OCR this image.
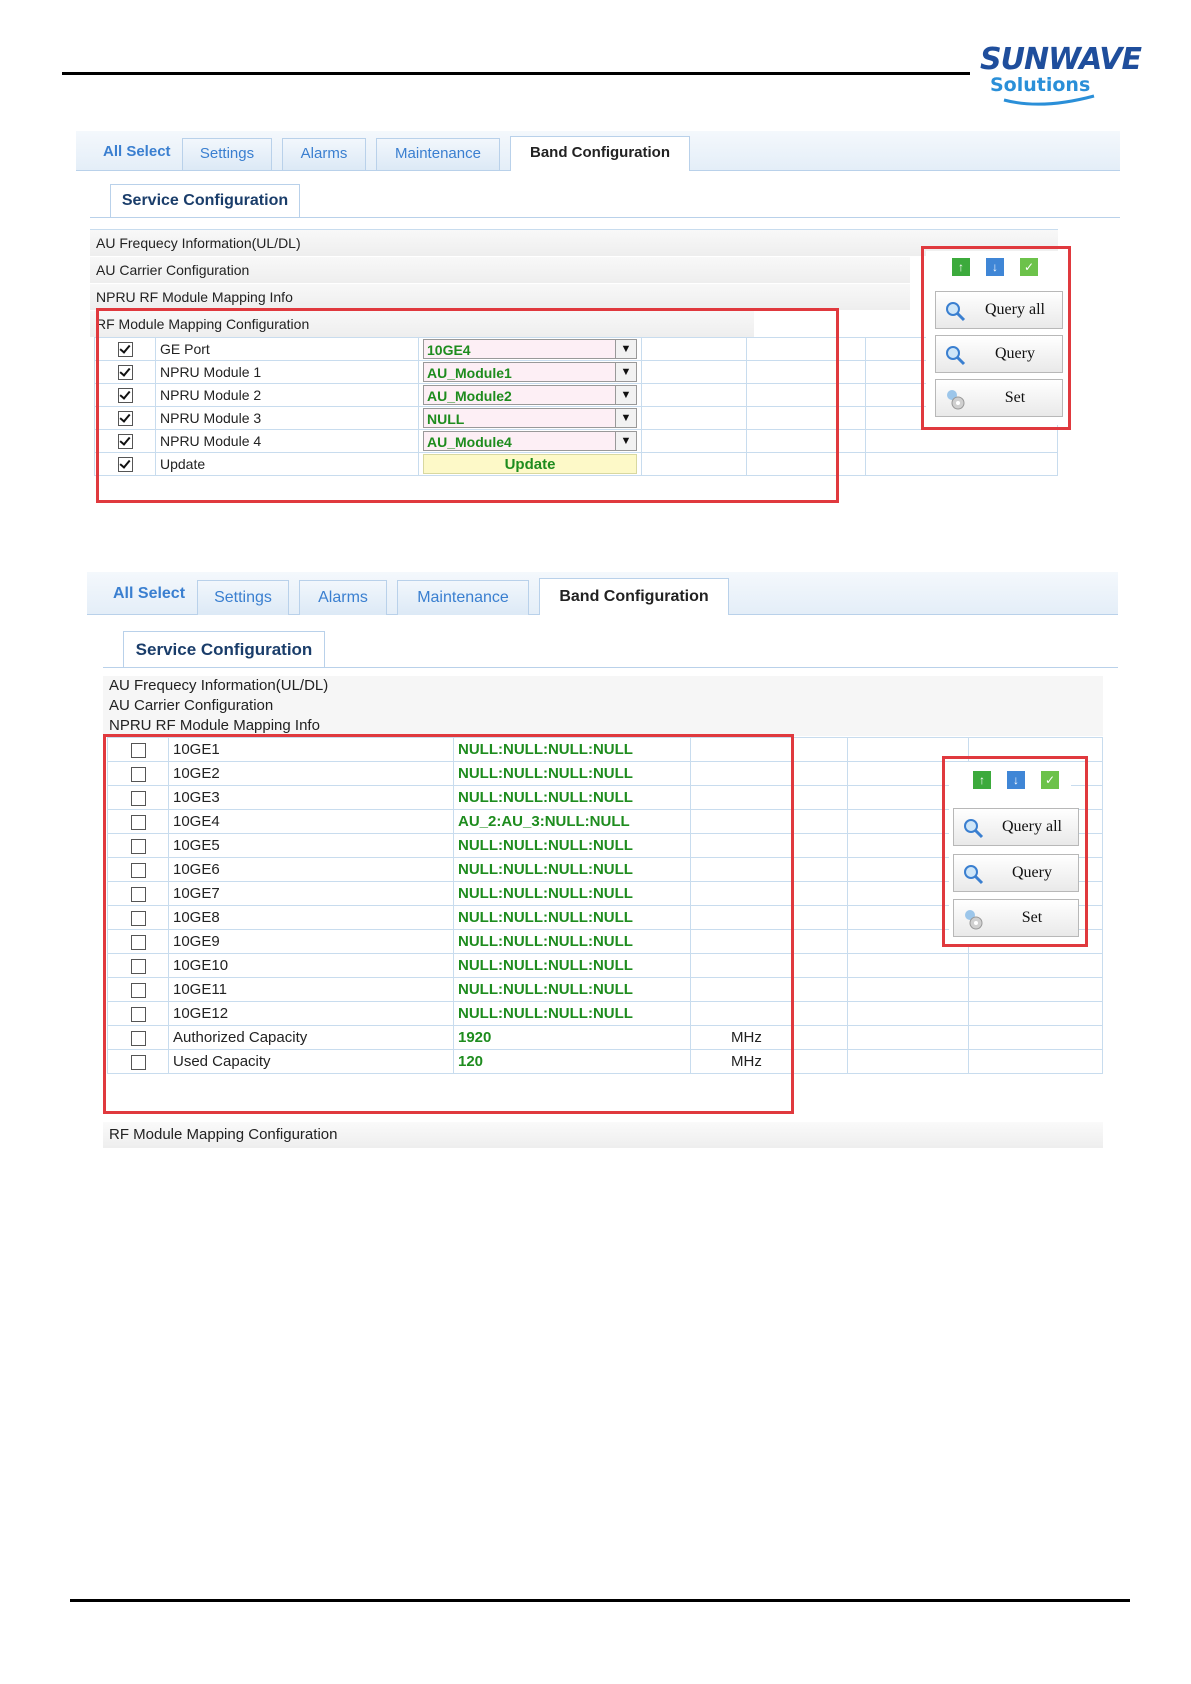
SUNWAVE
Solutions
All Select	Settings	Alarms	Maintenance	Band Configuration
Service Configuration
AU Frequecy Information(UL/DL)
AU Carrier Configuration
NPRU RF Module Mapping Info
RF Module Mapping Configuration
	GE Port	10GE4 ▼			

	NPRU Module 1	AU_Module1 ▼			

	NPRU Module 2	AU_Module2 ▼			

	NPRU Module 3	NULL ▼			

	NPRU Module 4	AU_Module4 ▼			

	Update	Update			

↑	↓	✓
Query all
Query
Set
All Select	Settings	Alarms	Maintenance	Band Configuration
Service Configuration
AU Frequecy Information(UL/DL)
AU Carrier Configuration
NPRU RF Module Mapping Info
	10GE1	NULL:NULL:NULL:NULL			
	10GE2	NULL:NULL:NULL:NULL			
	10GE3	NULL:NULL:NULL:NULL			
	10GE4	AU_2:AU_3:NULL:NULL			
	10GE5	NULL:NULL:NULL:NULL			
	10GE6	NULL:NULL:NULL:NULL			
	10GE7	NULL:NULL:NULL:NULL			
	10GE8	NULL:NULL:NULL:NULL			
	10GE9	NULL:NULL:NULL:NULL			
	10GE10	NULL:NULL:NULL:NULL			
	10GE11	NULL:NULL:NULL:NULL			
	10GE12	NULL:NULL:NULL:NULL			
	Authorized Capacity	1920	MHz		
	Used Capacity	120	MHz		
RF Module Mapping Configuration
↑	↓	✓
Query all
Query
Set
